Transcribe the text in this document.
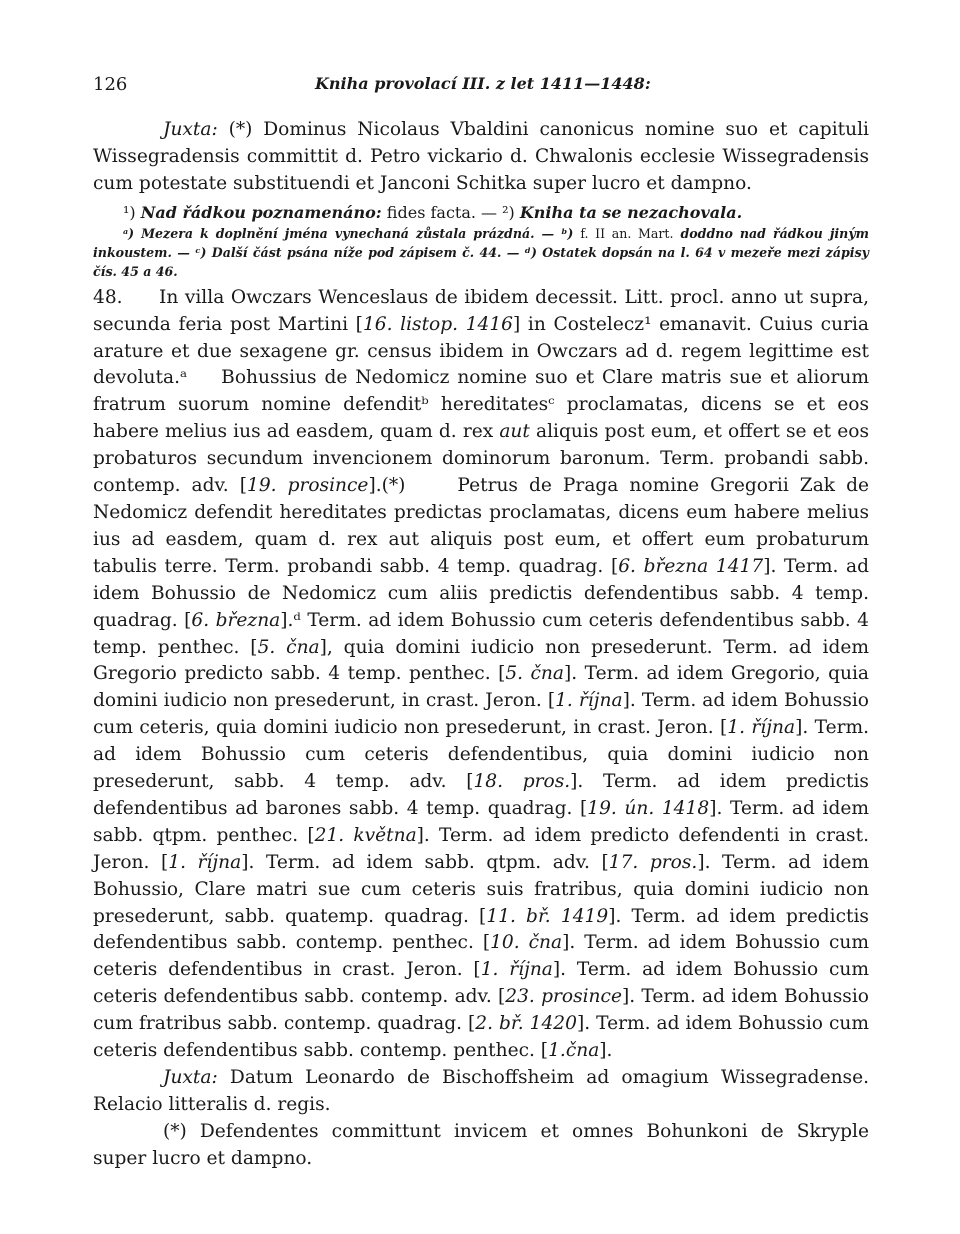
126	Kniha provolací III. z let 1411—1448:

Juxta: (*) Dominus Nicolaus Vbaldini canonicus nomine suo et capituli Wissegradensis committit d. Petro vickario d. Chwalonis ecclesie Wissegradensis cum potestate substituendi et Janconi Schitka super lucro et dampno.

¹) Nad řádkou poznamenáno: fides facta. — ²) Kniha ta se nezachovala.

ᵃ) Mezera k doplnění jména vynechaná zůstala prázdná. — ᵇ) f. II an. Mart. doddno nad řádkou jiným inkoustem. — ᶜ) Další část psána níže pod zápisem č. 44. — ᵈ) Ostatek dopsán na l. 64 v mezeře mezi zápisy čís. 45 a 46.

48. In villa Owczars Wenceslaus de ibidem decessit. Litt. procl. anno ut supra, secunda feria post Martini [16. listop. 1416] in Costelecz¹ emanavit. Cuius curia arature et due sexagene gr. census ibidem in Owczars ad d. regem legittime est devoluta.ᵃ Bohussius de Nedomicz nomine suo et Clare matris sue et aliorum fratrum suorum nomine defenditᵇ hereditatesᶜ proclamatas, dicens se et eos habere melius ius ad easdem, quam d. rex aut aliquis post eum, et offert se et eos probaturos secundum invencionem dominorum baronum. Term. probandi sabb. contemp. adv. [19. prosince].(*)	Petrus de Praga nomine Gregorii Zak de Nedomicz defendit hereditates predictas proclamatas, dicens eum habere melius ius ad easdem, quam d. rex aut aliquis post eum, et offert eum probaturum tabulis terre. Term. probandi sabb. 4 temp. quadrag. [6. března 1417]. Term. ad idem Bohussio de Nedomicz cum aliis predictis defendentibus sabb. 4 temp. quadrag. [6. března].ᵈ Term. ad idem Bohussio cum ceteris defendentibus sabb. 4 temp. penthec. [5. čna], quia domini iudicio non presederunt. Term. ad idem Gregorio predicto sabb. 4 temp. penthec. [5. čna]. Term. ad idem Gregorio, quia domini iudicio non presederunt, in crast. Jeron. [1. října]. Term. ad idem Bohussio cum ceteris, quia domini iudicio non presederunt, in crast. Jeron. [1. října]. Term. ad idem Bohussio cum ceteris defendentibus, quia domini iudicio non presederunt, sabb. 4 temp. adv. [18. pros.]. Term. ad idem predictis defendentibus ad barones sabb. 4 temp. quadrag. [19. ún. 1418]. Term. ad idem sabb. qtpm. penthec. [21. května]. Term. ad idem predicto defendenti in crast. Jeron. [1. října]. Term. ad idem sabb. qtpm. adv. [17. pros.]. Term. ad idem Bohussio, Clare matri sue cum ceteris suis fratribus, quia domini iudicio non presederunt, sabb. quatemp. quadrag. [11. bř. 1419]. Term. ad idem predictis defendentibus sabb. contemp. penthec. [10. čna]. Term. ad idem Bohussio cum ceteris defendentibus in crast. Jeron. [1. října]. Term. ad idem Bohussio cum ceteris defendentibus sabb. contemp. adv. [23. prosince]. Term. ad idem Bohussio cum fratribus sabb. contemp. quadrag. [2. bř. 1420]. Term. ad idem Bohussio cum ceteris defendentibus sabb. contemp. penthec. [1.čna].

Juxta: Datum Leonardo de Bischoffsheim ad omagium Wissegradense. Relacio litteralis d. regis.

(*) Defendentes committunt invicem et omnes Bohunkoni de Skryple super lucro et dampno.
